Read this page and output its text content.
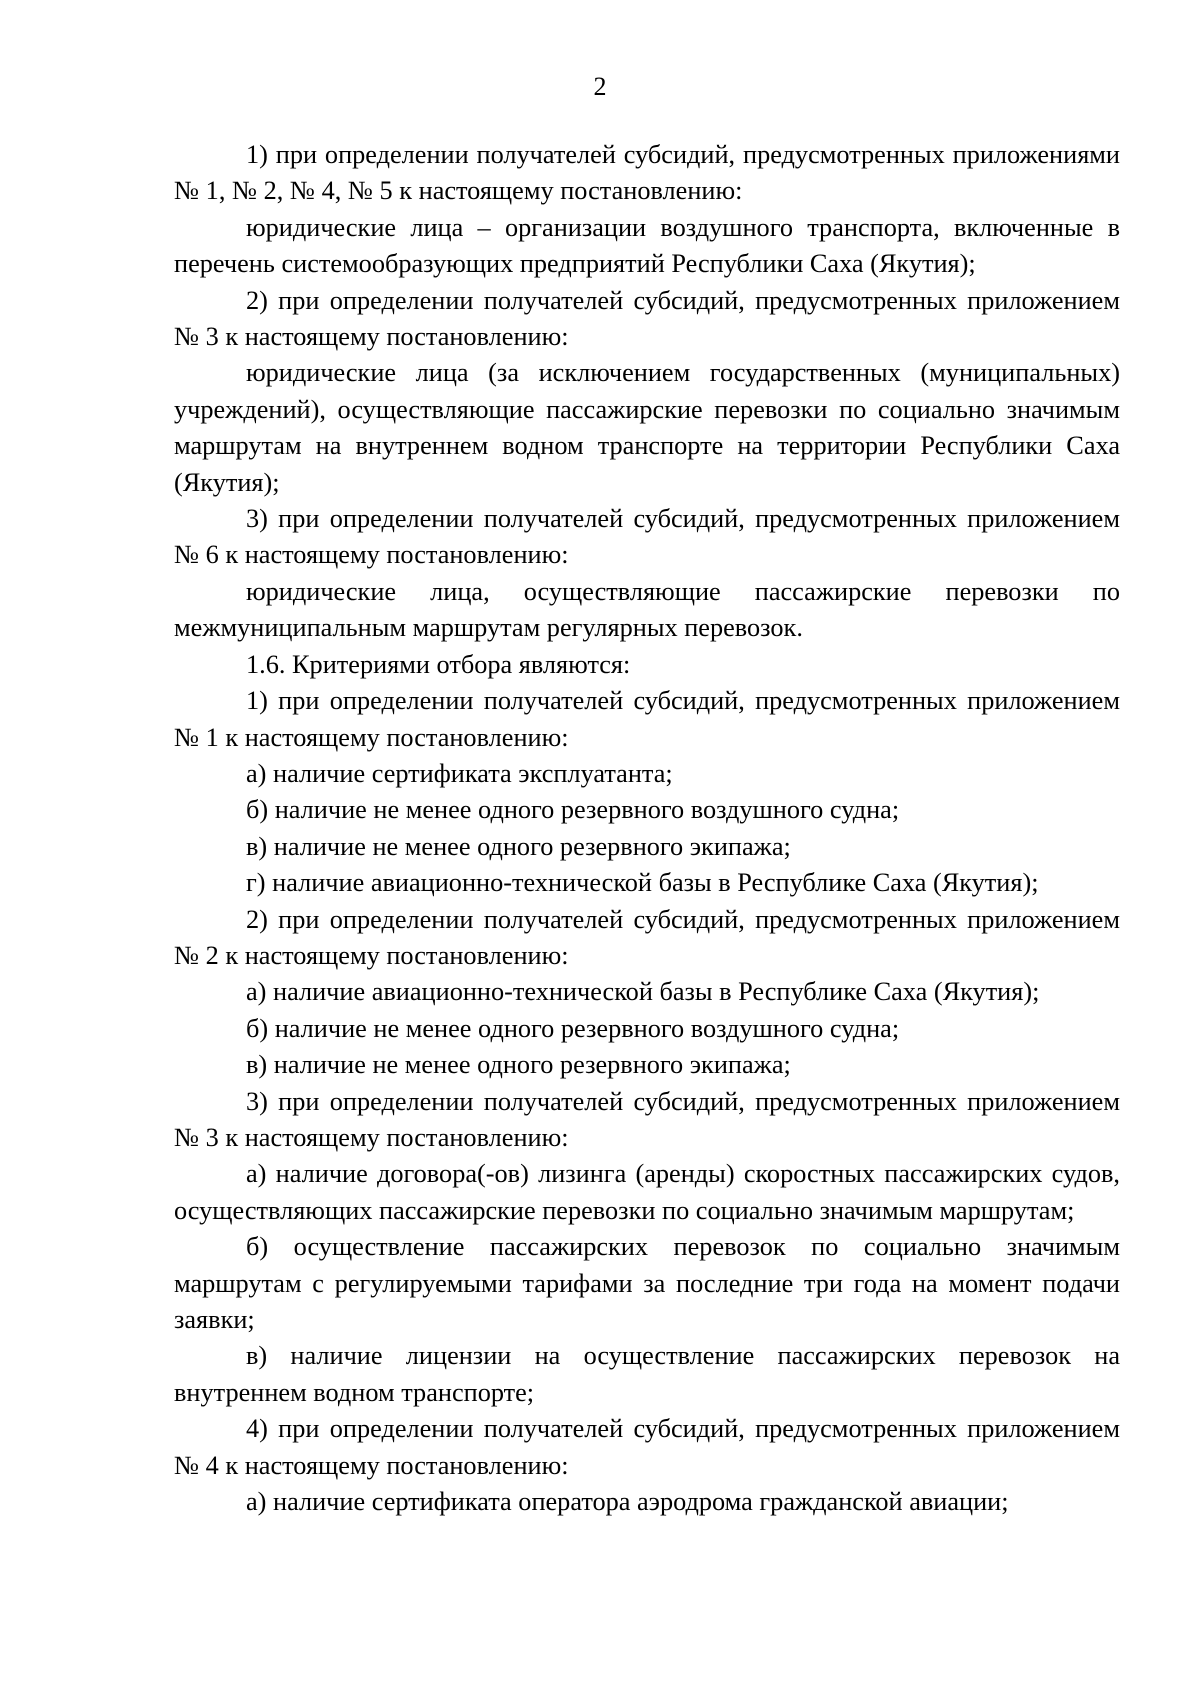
2

1) при определении получателей субсидий, предусмотренных приложениями № 1, № 2, № 4, № 5 к настоящему постановлению:

юридические лица – организации воздушного транспорта, включенные в перечень системообразующих предприятий Республики Саха (Якутия);

2) при определении получателей субсидий, предусмотренных приложением № 3 к настоящему постановлению:

юридические лица (за исключением государственных (муниципальных) учреждений), осуществляющие пассажирские перевозки по социально значимым маршрутам на внутреннем водном транспорте на территории Республики Саха (Якутия);

3) при определении получателей субсидий, предусмотренных приложением № 6 к настоящему постановлению:

юридические лица, осуществляющие пассажирские перевозки по межмуниципальным маршрутам регулярных перевозок.

1.6. Критериями отбора являются:

1) при определении получателей субсидий, предусмотренных приложением № 1 к настоящему постановлению:

а) наличие сертификата эксплуатанта;

б) наличие не менее одного резервного воздушного судна;

в) наличие не менее одного резервного экипажа;

г) наличие авиационно-технической базы в Республике Саха (Якутия);

2) при определении получателей субсидий, предусмотренных приложением № 2 к настоящему постановлению:

а) наличие авиационно-технической базы в Республике Саха (Якутия);

б) наличие не менее одного резервного воздушного судна;

в) наличие не менее одного резервного экипажа;

3) при определении получателей субсидий, предусмотренных приложением № 3 к настоящему постановлению:

а) наличие договора(-ов) лизинга (аренды) скоростных пассажирских судов, осуществляющих пассажирские перевозки по социально значимым маршрутам;

б) осуществление пассажирских перевозок по социально значимым маршрутам с регулируемыми тарифами за последние три года на момент подачи заявки;

в) наличие лицензии на осуществление пассажирских перевозок на внутреннем водном транспорте;

4) при определении получателей субсидий, предусмотренных приложением № 4 к настоящему постановлению:

а) наличие сертификата оператора аэродрома гражданской авиации;
